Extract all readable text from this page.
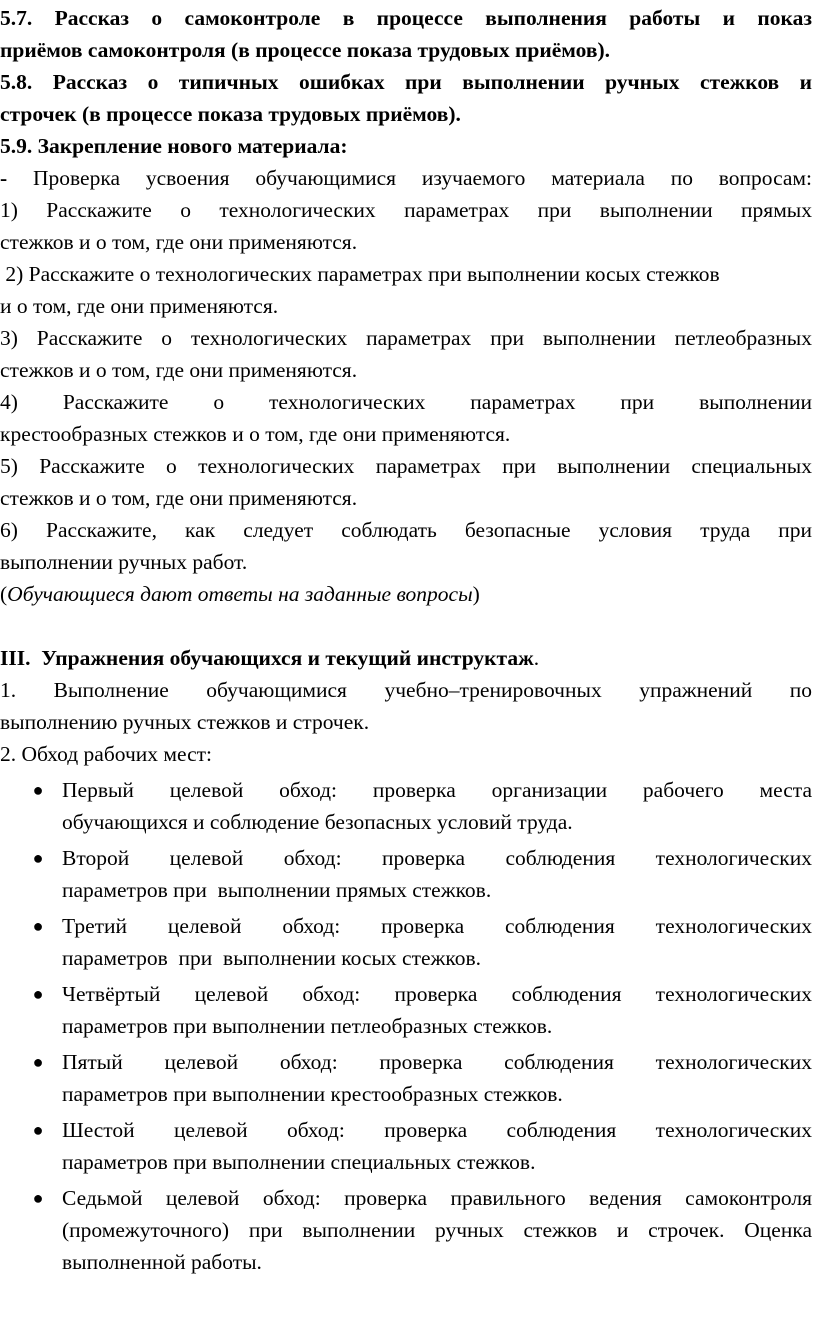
5.7. Рассказ о самоконтроле в процессе выполнения работы и показ
приёмов самоконтроля (в процессе показа трудовых приёмов).
5.8. Рассказ о типичных ошибках при выполнении ручных стежков и
строчек (в процессе показа трудовых приёмов).
5.9. Закрепление нового материала:
- Проверка усвоения обучающимися изучаемого материала по вопросам:
1) Расскажите о технологических параметрах при выполнении прямых
стежков и о том, где они применяются.
2) Расскажите о технологических параметрах при выполнении косых стежков
и о том, где они применяются.
3) Расскажите о технологических параметрах при выполнении петлеобразных
стежков и о том, где они применяются.
4) Расскажите о технологических параметрах при выполнении
крестообразных стежков и о том, где они применяются.
5) Расскажите о технологических параметрах при выполнении специальных
стежков и о том, где они применяются.
6) Расскажите, как следует соблюдать безопасные условия труда при
выполнении ручных работ.
(Обучающиеся дают ответы на заданные вопросы)
III.  Упражнения обучающихся и текущий инструктаж.
1. Выполнение обучающимися учебно–тренировочных упражнений по
выполнению ручных стежков и строчек.
2. Обход рабочих мест:
● Первый целевой обход: проверка организации рабочего места
обучающихся и соблюдение безопасных условий труда.
● Второй целевой обход: проверка соблюдения технологических
параметров при  выполнении прямых стежков.
● Третий целевой обход: проверка соблюдения технологических
параметров  при  выполнении косых стежков.
● Четвёртый целевой обход: проверка соблюдения технологических
параметров при выполнении петлеобразных стежков.
● Пятый целевой обход: проверка соблюдения технологических
параметров при выполнении крестообразных стежков.
● Шестой целевой обход: проверка соблюдения технологических
параметров при выполнении специальных стежков.
● Седьмой целевой обход: проверка правильного ведения самоконтроля
(промежуточного) при выполнении ручных стежков и строчек. Оценка
выполненной работы.
